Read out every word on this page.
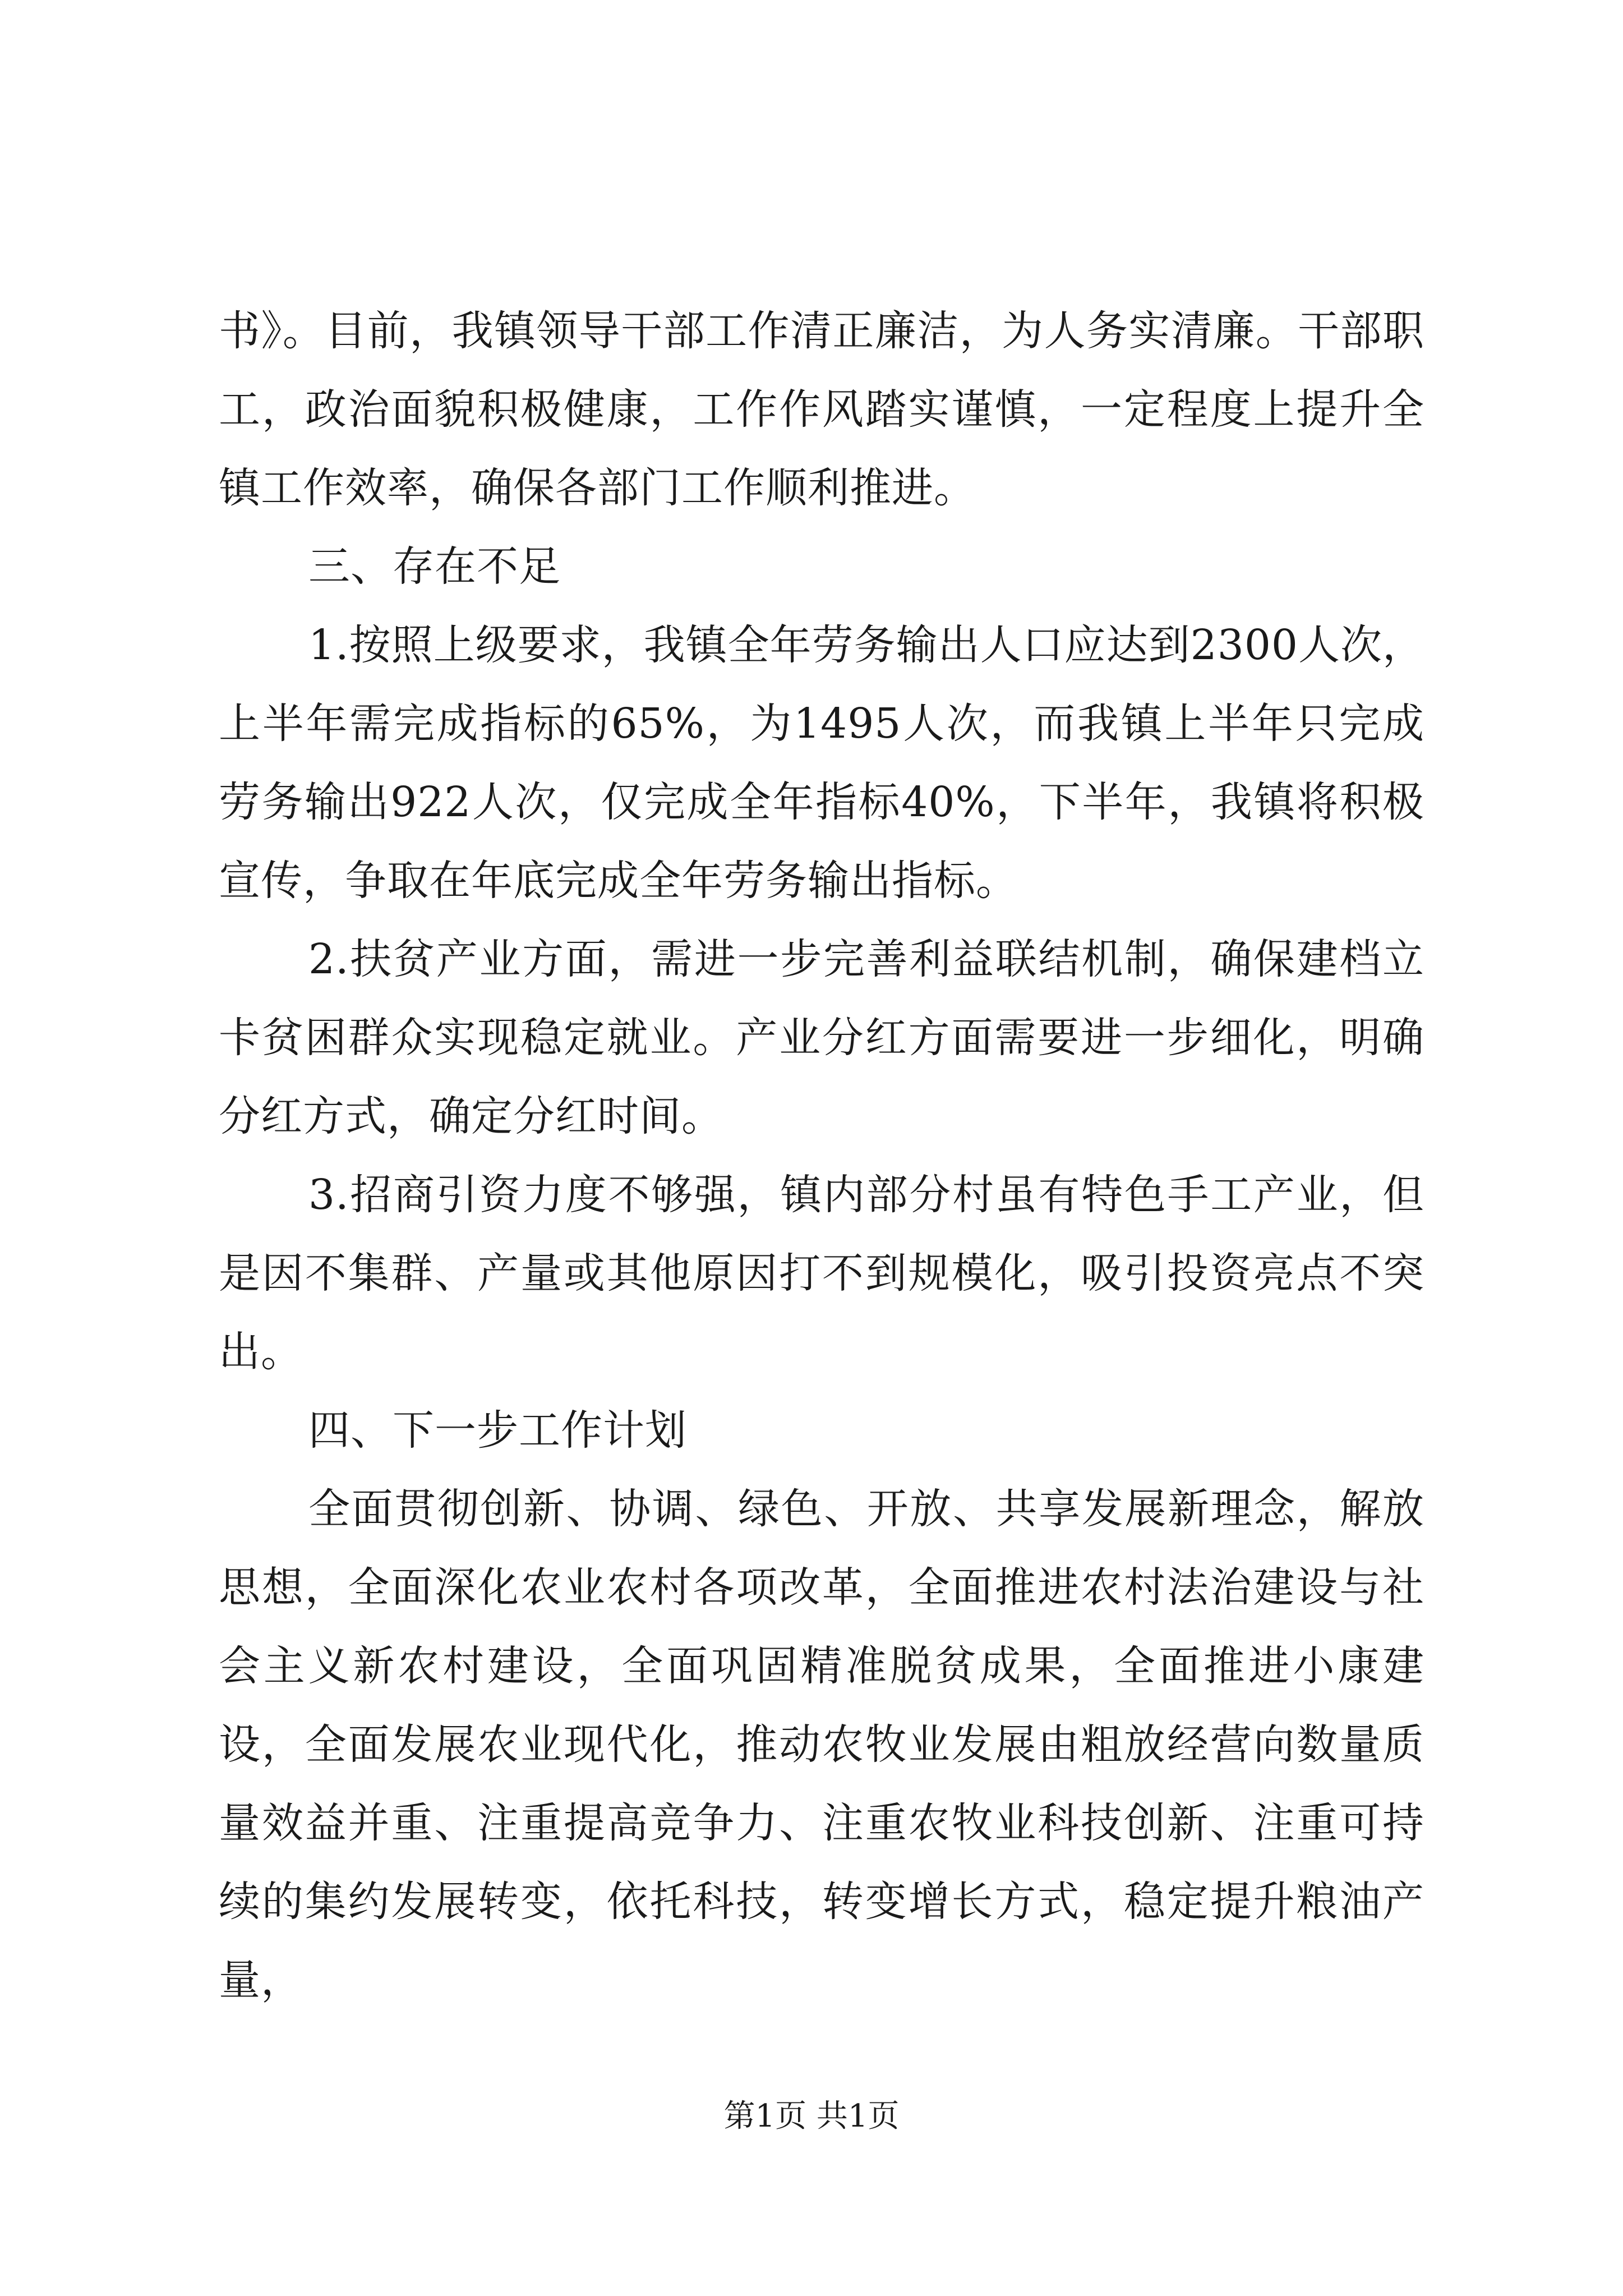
书》。目前，我镇领导干部工作清正廉洁，为人务实清廉。干部职工，政治面貌积极健康，工作作风踏实谨慎，一定程度上提升全镇工作效率，确保各部门工作顺利推进。

三、存在不足

1.按照上级要求，我镇全年劳务输出人口应达到2300人次，上半年需完成指标的65%，为1495人次，而我镇上半年只完成劳务输出922人次，仅完成全年指标40%，下半年，我镇将积极宣传，争取在年底完成全年劳务输出指标。

2.扶贫产业方面，需进一步完善利益联结机制，确保建档立卡贫困群众实现稳定就业。产业分红方面需要进一步细化，明确分红方式，确定分红时间。

3.招商引资力度不够强，镇内部分村虽有特色手工产业，但是因不集群、产量或其他原因打不到规模化，吸引投资亮点不突出。

四、下一步工作计划

全面贯彻创新、协调、绿色、开放、共享发展新理念，解放思想，全面深化农业农村各项改革，全面推进农村法治建设与社会主义新农村建设，全面巩固精准脱贫成果，全面推进小康建设，全面发展农业现代化，推动农牧业发展由粗放经营向数量质量效益并重、注重提高竞争力、注重农牧业科技创新、注重可持续的集约发展转变，依托科技，转变增长方式，稳定提升粮油产量，

第1页 共1页
